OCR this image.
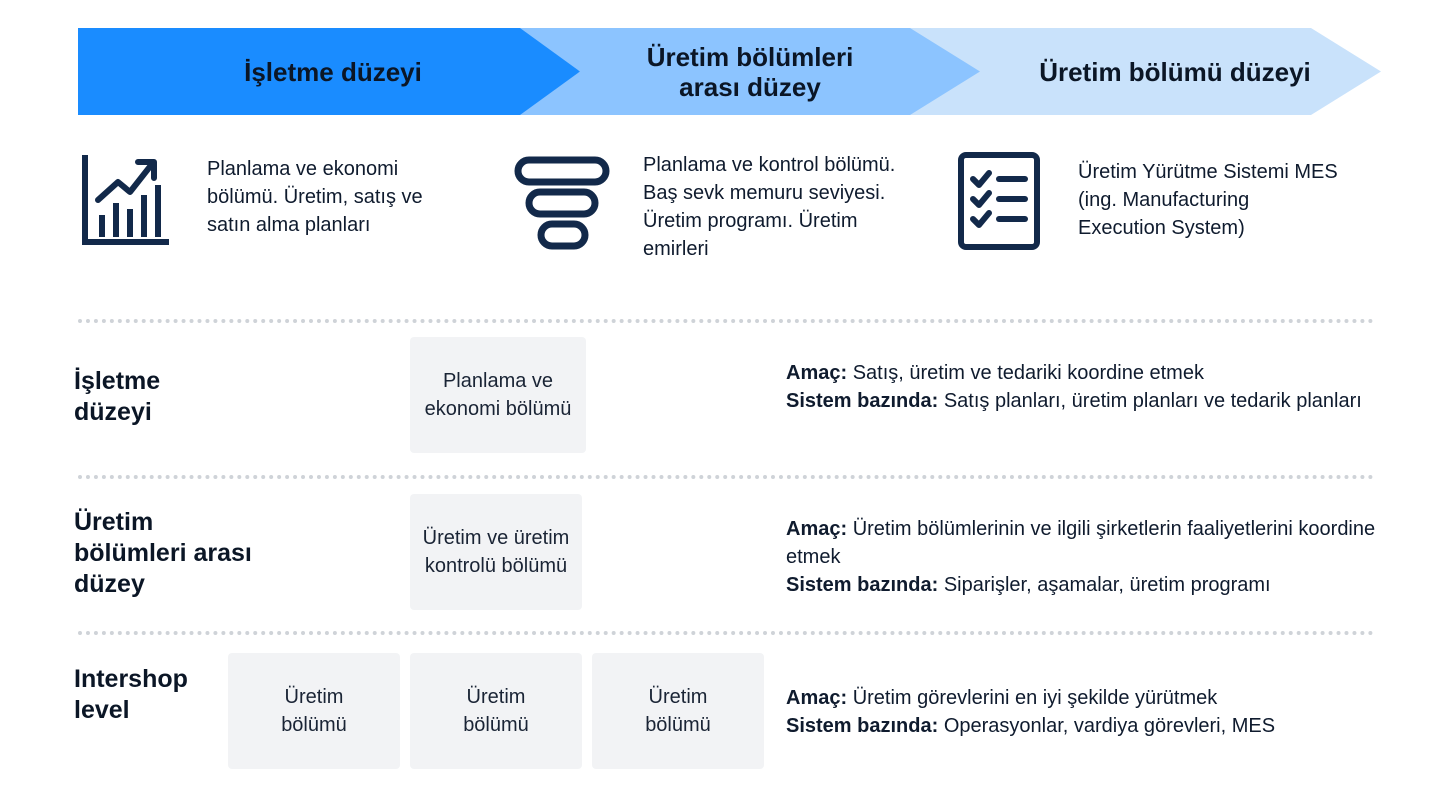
Üretim bölümü düzeyi
Üretim bölümleri arası düzey
İşletme düzeyi
Planlama ve ekonomi bölümü. Üretim, satış ve satın alma planları
Planlama ve kontrol bölümü. Baş sevk memuru seviyesi. Üretim programı. Üretim emirleri
Üretim Yürütme Sistemi MES (ing. Manufacturing Execution System)
İşletme düzeyi
Planlama ve ekonomi bölümü
Amaç: Satış, üretim ve tedariki koordine etmek
Sistem bazında: Satış planları, üretim planları ve tedarik planları
Üretim bölümleri arası düzey
Üretim ve üretim kontrolü bölümü
Amaç: Üretim bölümlerinin ve ilgili şirketlerin faaliyetlerini koordine etmek
Sistem bazında: Siparişler, aşamalar, üretim programı
Intershop level	Üretim bölümü
Üretim bölümü
Üretim bölümü
Amaç: Üretim görevlerini en iyi şekilde yürütmek
Sistem bazında: Operasyonlar, vardiya görevleri, MES
